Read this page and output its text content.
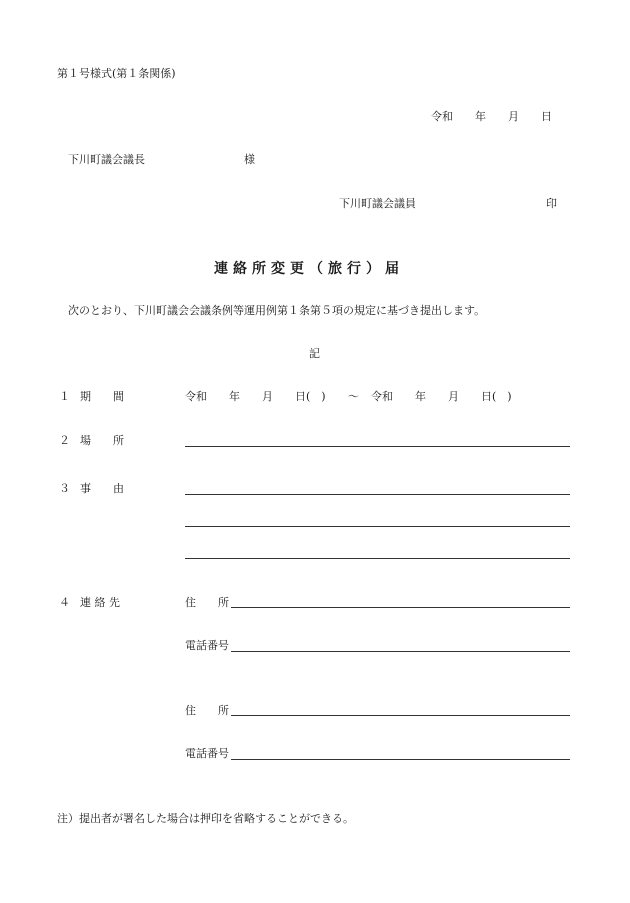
第１号様式(第１条関係)
令和　　年　　月　　日
下川町議会議長	様
下川町議会議員	印
連絡所変更（旅行）届
次のとおり、下川町議会会議条例等運用例第１条第５項の規定に基づき提出します。
記
１ 期　　間	令和　　年　　月　　日(　) ～ 令和　　年　　月　　日(　)
２ 場　　所
３ 事　　由
４ 連 絡 先	住　　所
電話番号
住　　所
電話番号
注）提出者が署名した場合は押印を省略することができる。
